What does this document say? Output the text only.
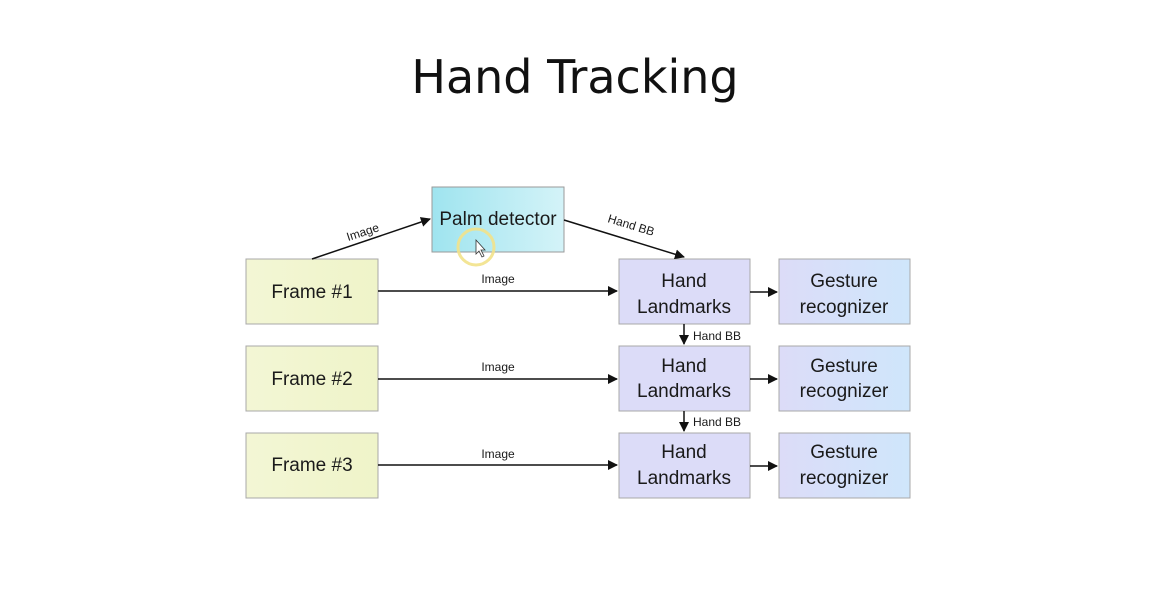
Hand Tracking
Palm detector
Frame #1
Frame #2
Frame #3
Hand
Landmarks
Hand
Landmarks
Hand
Landmarks
Gesture
recognizer
Gesture
recognizer
Gesture
recognizer
Image	Hand BB
Image
Image
Image
Hand BB
Hand BB
